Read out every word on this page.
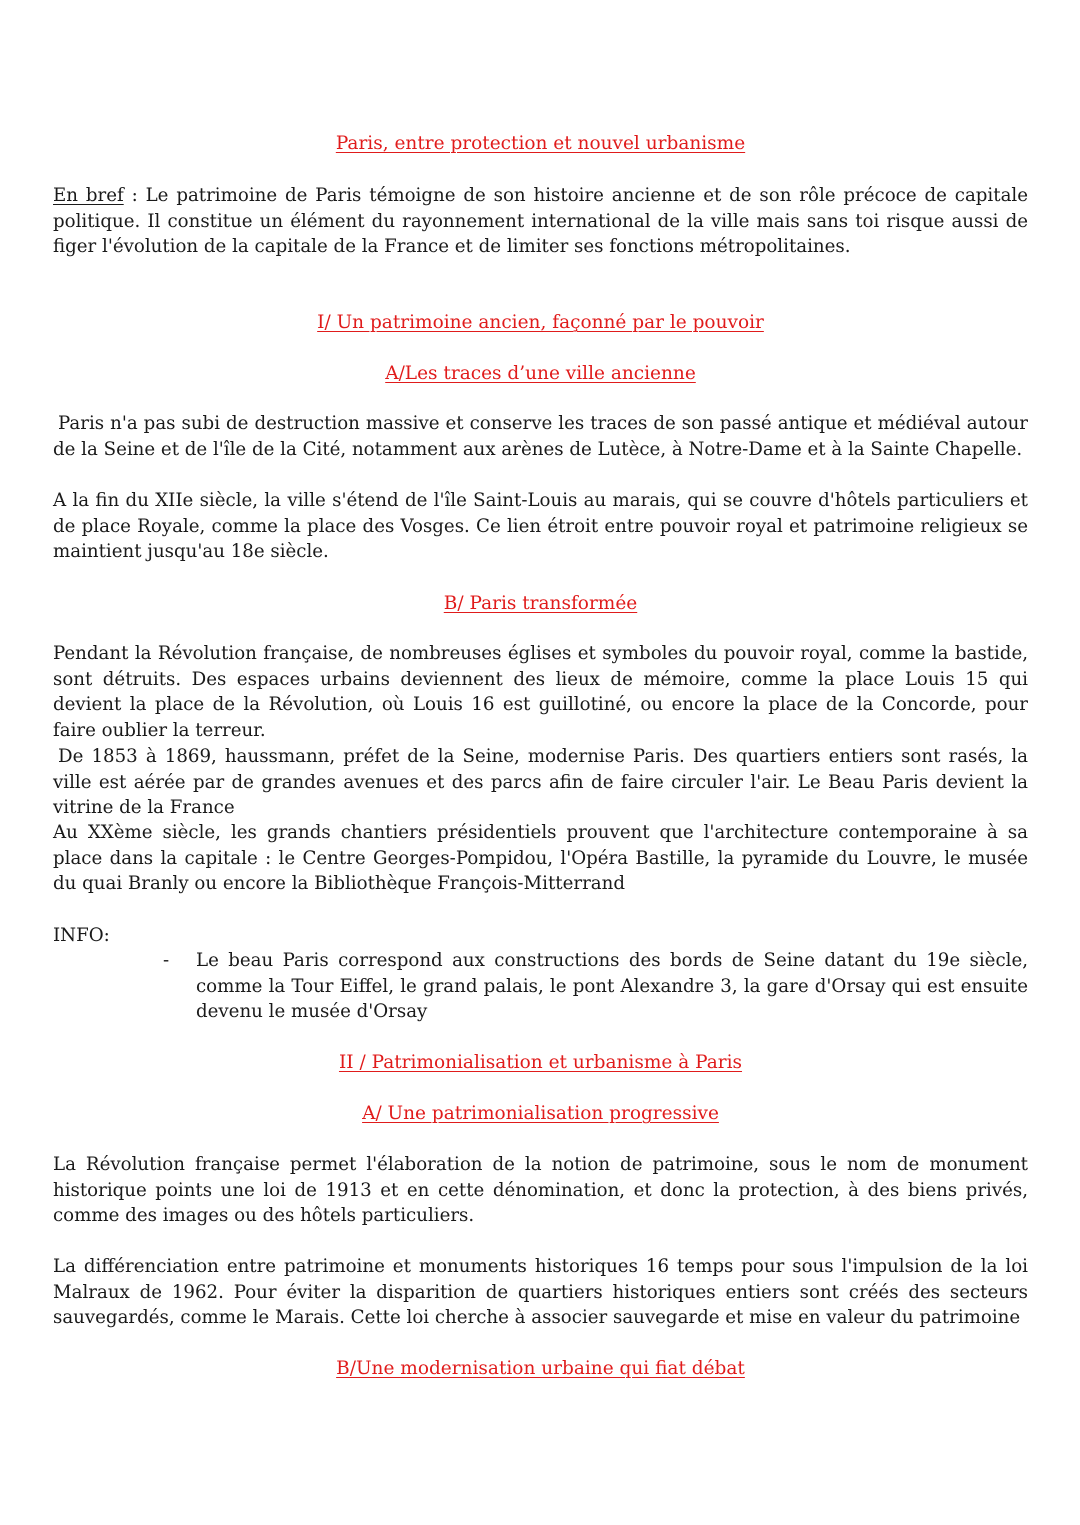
Paris, entre protection et nouvel urbanisme

En bref : Le patrimoine de Paris témoigne de son histoire ancienne et de son rôle précoce de capitale politique. Il constitue un élément du rayonnement international de la ville mais sans toi risque aussi de figer l'évolution de la capitale de la France et de limiter ses fonctions métropolitaines.

I/ Un patrimoine ancien, façonné par le pouvoir
A/Les traces d’une ville ancienne

Paris n'a pas subi de destruction massive et conserve les traces de son passé antique et médiéval autour de la Seine et de l'île de la Cité, notamment aux arènes de Lutèce, à Notre-Dame et à la Sainte Chapelle.

A la fin du XIIe siècle, la ville s'étend de l'île Saint-Louis au marais, qui se couvre d'hôtels particuliers et de place Royale, comme la place des Vosges. Ce lien étroit entre pouvoir royal et patrimoine religieux se maintient jusqu'au 18e siècle.

B/ Paris transformée

Pendant la Révolution française, de nombreuses églises et symboles du pouvoir royal, comme la bastide, sont détruits. Des espaces urbains deviennent des lieux de mémoire, comme la place Louis 15 qui devient la place de la Révolution, où Louis 16 est guillotiné, ou encore la place de la Concorde, pour faire oublier la terreur.

De 1853 à 1869, haussmann, préfet de la Seine, modernise Paris. Des quartiers entiers sont rasés, la ville est aérée par de grandes avenues et des parcs afin de faire circuler l'air. Le Beau Paris devient la vitrine de la France

Au XXème siècle, les grands chantiers présidentiels prouvent que l'architecture contemporaine à sa place dans la capitale : le Centre Georges-Pompidou, l'Opéra Bastille, la pyramide du Louvre, le musée du quai Branly ou encore la Bibliothèque François-Mitterrand

INFO:

- Le beau Paris correspond aux constructions des bords de Seine datant du 19e siècle, comme la Tour Eiffel, le grand palais, le pont Alexandre 3, la gare d'Orsay qui est ensuite devenu le musée d'Orsay
II / Patrimonialisation et urbanisme à Paris
A/ Une patrimonialisation progressive

La Révolution française permet l'élaboration de la notion de patrimoine, sous le nom de monument historique points une loi de 1913 et en cette dénomination, et donc la protection, à des biens privés, comme des images ou des hôtels particuliers.

La différenciation entre patrimoine et monuments historiques 16 temps pour sous l'impulsion de la loi Malraux de 1962. Pour éviter la disparition de quartiers historiques entiers sont créés des secteurs sauvegardés, comme le Marais. Cette loi cherche à associer sauvegarde et mise en valeur du patrimoine

B/Une modernisation urbaine qui fiat débat
